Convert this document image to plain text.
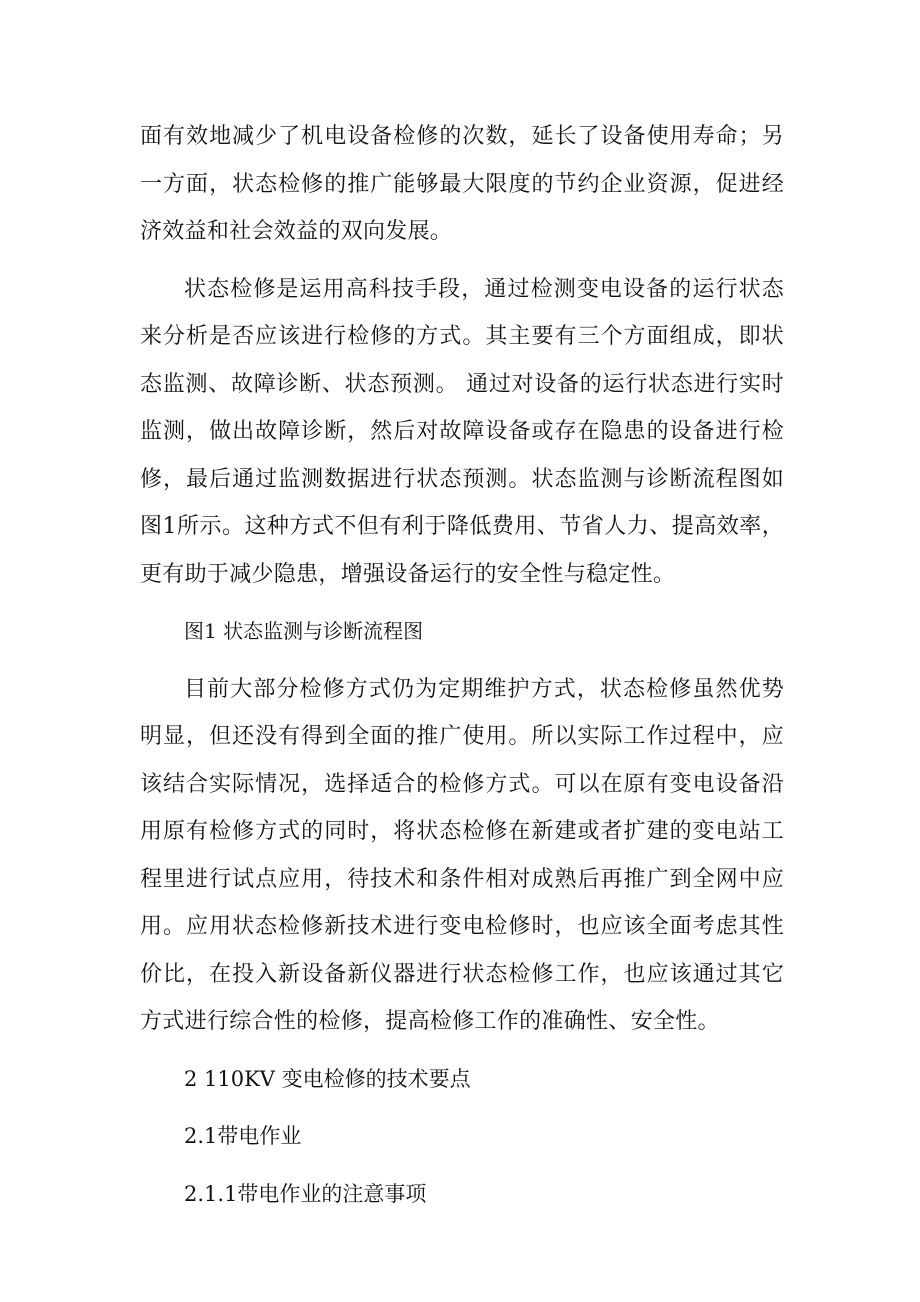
面有效地减少了机电设备检修的次数，延长了设备使用寿命；另一方面，状态检修的推广能够最大限度的节约企业资源，促进经济效益和社会效益的双向发展。

状态检修是运用高科技手段，通过检测变电设备的运行状态来分析是否应该进行检修的方式。其主要有三个方面组成，即状态监测、故障诊断、状态预测。 通过对设备的运行状态进行实时监测，做出故障诊断，然后对故障设备或存在隐患的设备进行检修，最后通过监测数据进行状态预测。状态监测与诊断流程图如图1所示。这种方式不但有利于降低费用、节省人力、提高效率，更有助于减少隐患，增强设备运行的安全性与稳定性。

图1 状态监测与诊断流程图

目前大部分检修方式仍为定期维护方式，状态检修虽然优势明显，但还没有得到全面的推广使用。所以实际工作过程中，应该结合实际情况，选择适合的检修方式。可以在原有变电设备沿用原有检修方式的同时，将状态检修在新建或者扩建的变电站工程里进行试点应用，待技术和条件相对成熟后再推广到全网中应用。应用状态检修新技术进行变电检修时，也应该全面考虑其性价比，在投入新设备新仪器进行状态检修工作，也应该通过其它方式进行综合性的检修，提高检修工作的准确性、安全性。

2 110KV 变电检修的技术要点

2.1带电作业

2.1.1带电作业的注意事项
